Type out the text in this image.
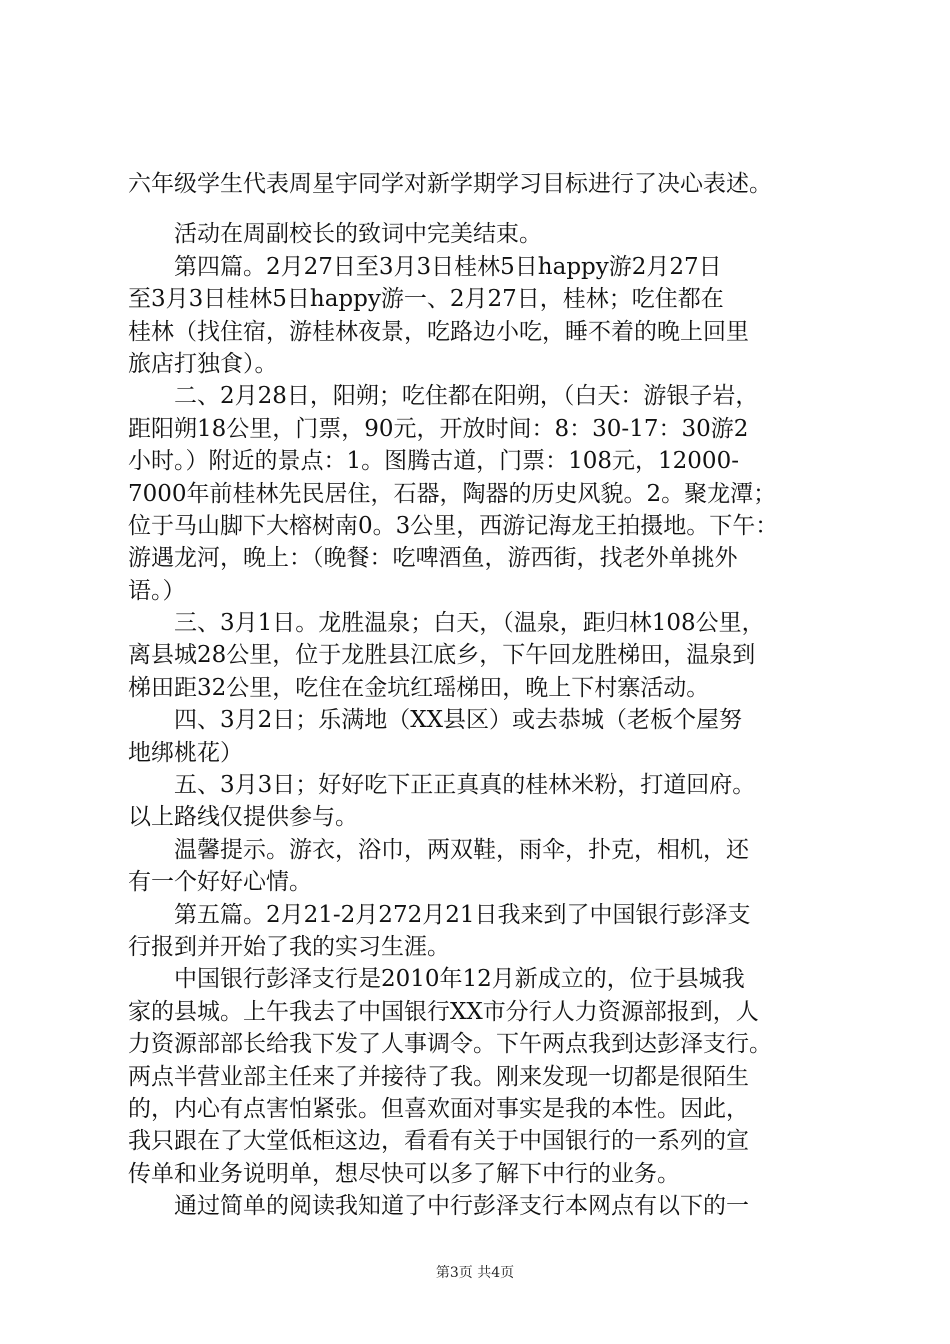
六年级学生代表周星宇同学对新学期学习目标进行了决心表述。
　　活动在周副校长的致词中完美结束。
　　第四篇。2月27日至3月3日桂林5日happy游2月27日
至3月3日桂林5日happy游一、2月27日，桂林；吃住都在
桂林（找住宿，游桂林夜景，吃路边小吃，睡不着的晚上回里
旅店打独食）。
　　二、2月28日，阳朔；吃住都在阳朔，（白天：游银子岩，
距阳朔18公里，门票，90元，开放时间：8：30-17：30游2
小时。）附近的景点：1。图腾古道，门票：108元，12000-
7000年前桂林先民居住，石器，陶器的历史风貌。2。聚龙潭；
位于马山脚下大榕树南0。3公里，西游记海龙王拍摄地。下午：
游遇龙河，晚上：（晚餐：吃啤酒鱼，游西街，找老外单挑外
语。）
　　三、3月1日。龙胜温泉；白天，（温泉，距归林108公里，
离县城28公里，位于龙胜县江底乡，下午回龙胜梯田，温泉到
梯田距32公里，吃住在金坑红瑶梯田，晚上下村寨活动。
　　四、3月2日；乐满地（XX县区）或去恭城（老板个屋努
地绑桃花）
　　五、3月3日；好好吃下正正真真的桂林米粉，打道回府。
以上路线仅提供参与。
　　温馨提示。游衣，浴巾，两双鞋，雨伞，扑克，相机，还
有一个好好心情。
　　第五篇。2月21-2月272月21日我来到了中国银行彭泽支
行报到并开始了我的实习生涯。
　　中国银行彭泽支行是2010年12月新成立的，位于县城我
家的县城。上午我去了中国银行XX市分行人力资源部报到，人
力资源部部长给我下发了人事调令。下午两点我到达彭泽支行。
两点半营业部主任来了并接待了我。刚来发现一切都是很陌生
的，内心有点害怕紧张。但喜欢面对事实是我的本性。因此，
我只跟在了大堂低柜这边，看看有关于中国银行的一系列的宣
传单和业务说明单，想尽快可以多了解下中行的业务。
　　通过简单的阅读我知道了中行彭泽支行本网点有以下的一
第3页 共4页
